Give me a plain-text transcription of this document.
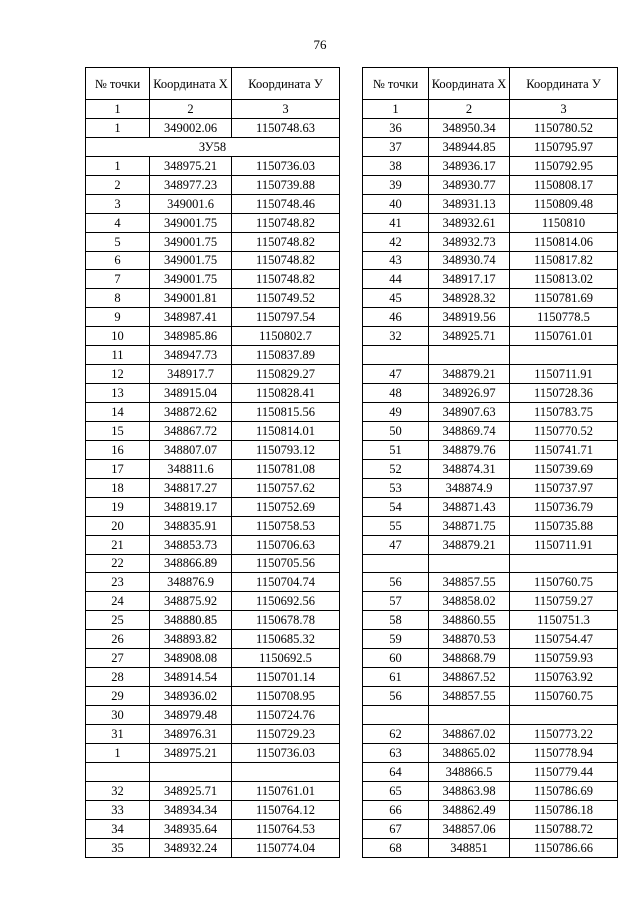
76
№ точки	Координата Х	Координата У
1	2	3
1	349002.06	1150748.63
ЗУ58		
1	348975.21	1150736.03
2	348977.23	1150739.88
3	349001.6	1150748.46
4	349001.75	1150748.82
5	349001.75	1150748.82
6	349001.75	1150748.82
7	349001.75	1150748.82
8	349001.81	1150749.52
9	348987.41	1150797.54
10	348985.86	1150802.7
11	348947.73	1150837.89
12	348917.7	1150829.27
13	348915.04	1150828.41
14	348872.62	1150815.56
15	348867.72	1150814.01
16	348807.07	1150793.12
17	348811.6	1150781.08
18	348817.27	1150757.62
19	348819.17	1150752.69
20	348835.91	1150758.53
21	348853.73	1150706.63
22	348866.89	1150705.56
23	348876.9	1150704.74
24	348875.92	1150692.56
25	348880.85	1150678.78
26	348893.82	1150685.32
27	348908.08	1150692.5
28	348914.54	1150701.14
29	348936.02	1150708.95
30	348979.48	1150724.76
31	348976.31	1150729.23
1	348975.21	1150736.03

32	348925.71	1150761.01
33	348934.34	1150764.12
34	348935.64	1150764.53
35	348932.24	1150774.04
№ точки	Координата Х	Координата У
1	2	3
36	348950.34	1150780.52
37	348944.85	1150795.97
38	348936.17	1150792.95
39	348930.77	1150808.17
40	348931.13	1150809.48
41	348932.61	1150810
42	348932.73	1150814.06
43	348930.74	1150817.82
44	348917.17	1150813.02
45	348928.32	1150781.69
46	348919.56	1150778.5
32	348925.71	1150761.01

47	348879.21	1150711.91
48	348926.97	1150728.36
49	348907.63	1150783.75
50	348869.74	1150770.52
51	348879.76	1150741.71
52	348874.31	1150739.69
53	348874.9	1150737.97
54	348871.43	1150736.79
55	348871.75	1150735.88
47	348879.21	1150711.91

56	348857.55	1150760.75
57	348858.02	1150759.27
58	348860.55	1150751.3
59	348870.53	1150754.47
60	348868.79	1150759.93
61	348867.52	1150763.92
56	348857.55	1150760.75

62	348867.02	1150773.22
63	348865.02	1150778.94
64	348866.5	1150779.44
65	348863.98	1150786.69
66	348862.49	1150786.18
67	348857.06	1150788.72
68	348851	1150786.66
